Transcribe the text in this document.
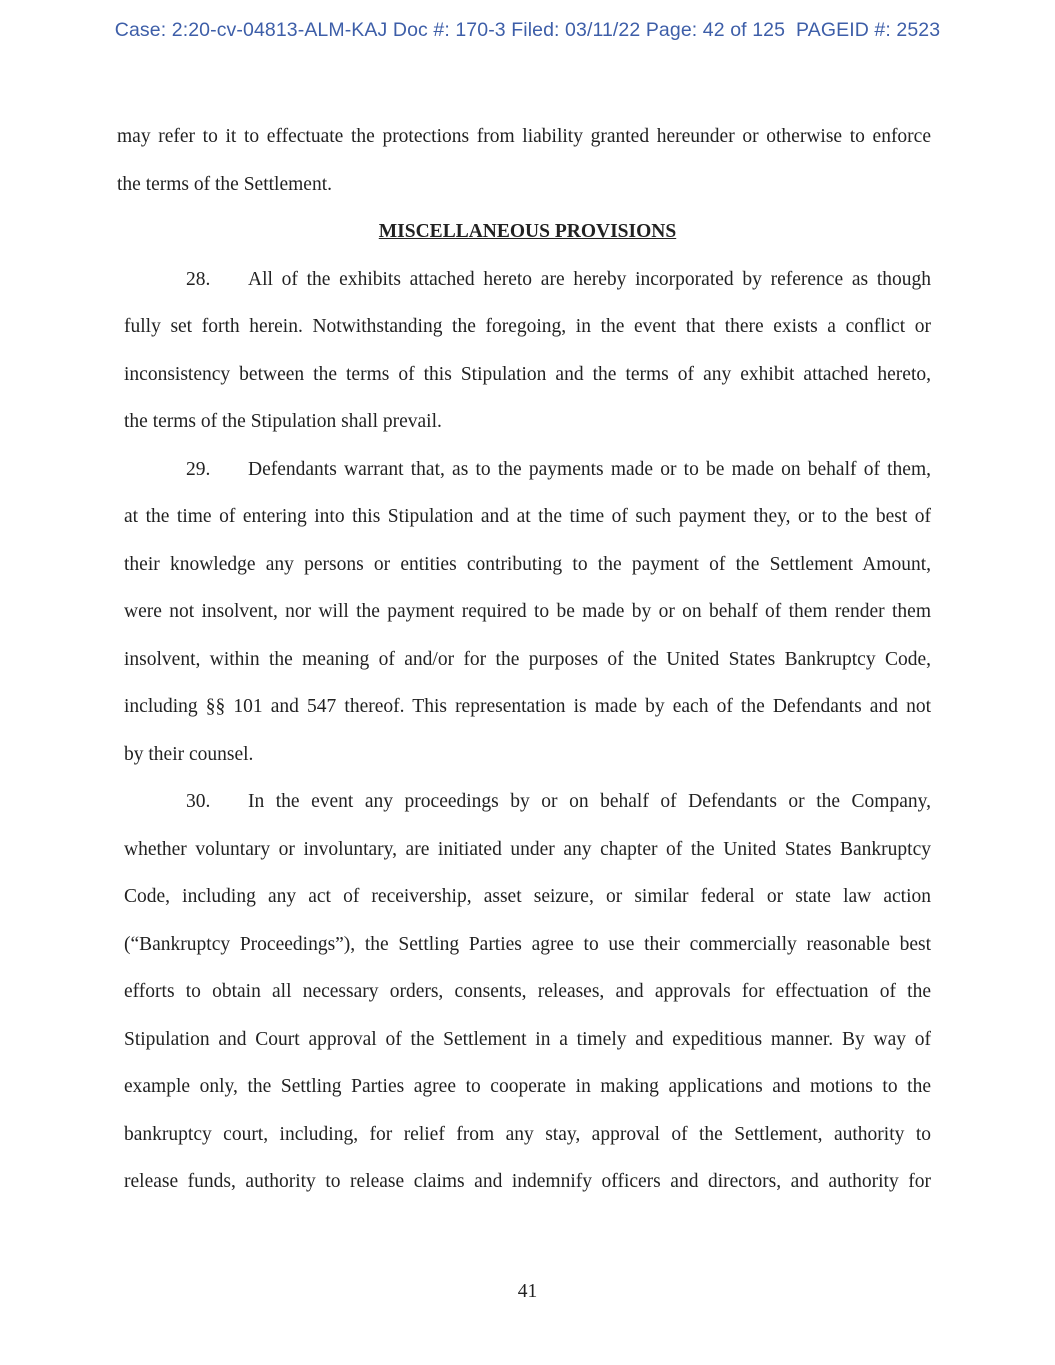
Case: 2:20-cv-04813-ALM-KAJ Doc #: 170-3 Filed: 03/11/22 Page: 42 of 125  PAGEID #: 2523
may refer to it to effectuate the protections from liability granted hereunder or otherwise to enforce
the terms of the Settlement.
MISCELLANEOUS PROVISIONS
28. All of the exhibits attached hereto are hereby incorporated by reference as though
fully set forth herein. Notwithstanding the foregoing, in the event that there exists a conflict or
inconsistency between the terms of this Stipulation and the terms of any exhibit attached hereto,
the terms of the Stipulation shall prevail.
29. Defendants warrant that, as to the payments made or to be made on behalf of them,
at the time of entering into this Stipulation and at the time of such payment they, or to the best of
their knowledge any persons or entities contributing to the payment of the Settlement Amount,
were not insolvent, nor will the payment required to be made by or on behalf of them render them
insolvent, within the meaning of and/or for the purposes of the United States Bankruptcy Code,
including §§ 101 and 547 thereof. This representation is made by each of the Defendants and not
by their counsel.
30. In the event any proceedings by or on behalf of Defendants or the Company,
whether voluntary or involuntary, are initiated under any chapter of the United States Bankruptcy
Code, including any act of receivership, asset seizure, or similar federal or state law action
(“Bankruptcy Proceedings”), the Settling Parties agree to use their commercially reasonable best
efforts to obtain all necessary orders, consents, releases, and approvals for effectuation of the
Stipulation and Court approval of the Settlement in a timely and expeditious manner. By way of
example only, the Settling Parties agree to cooperate in making applications and motions to the
bankruptcy court, including, for relief from any stay, approval of the Settlement, authority to
release funds, authority to release claims and indemnify officers and directors, and authority for
41
